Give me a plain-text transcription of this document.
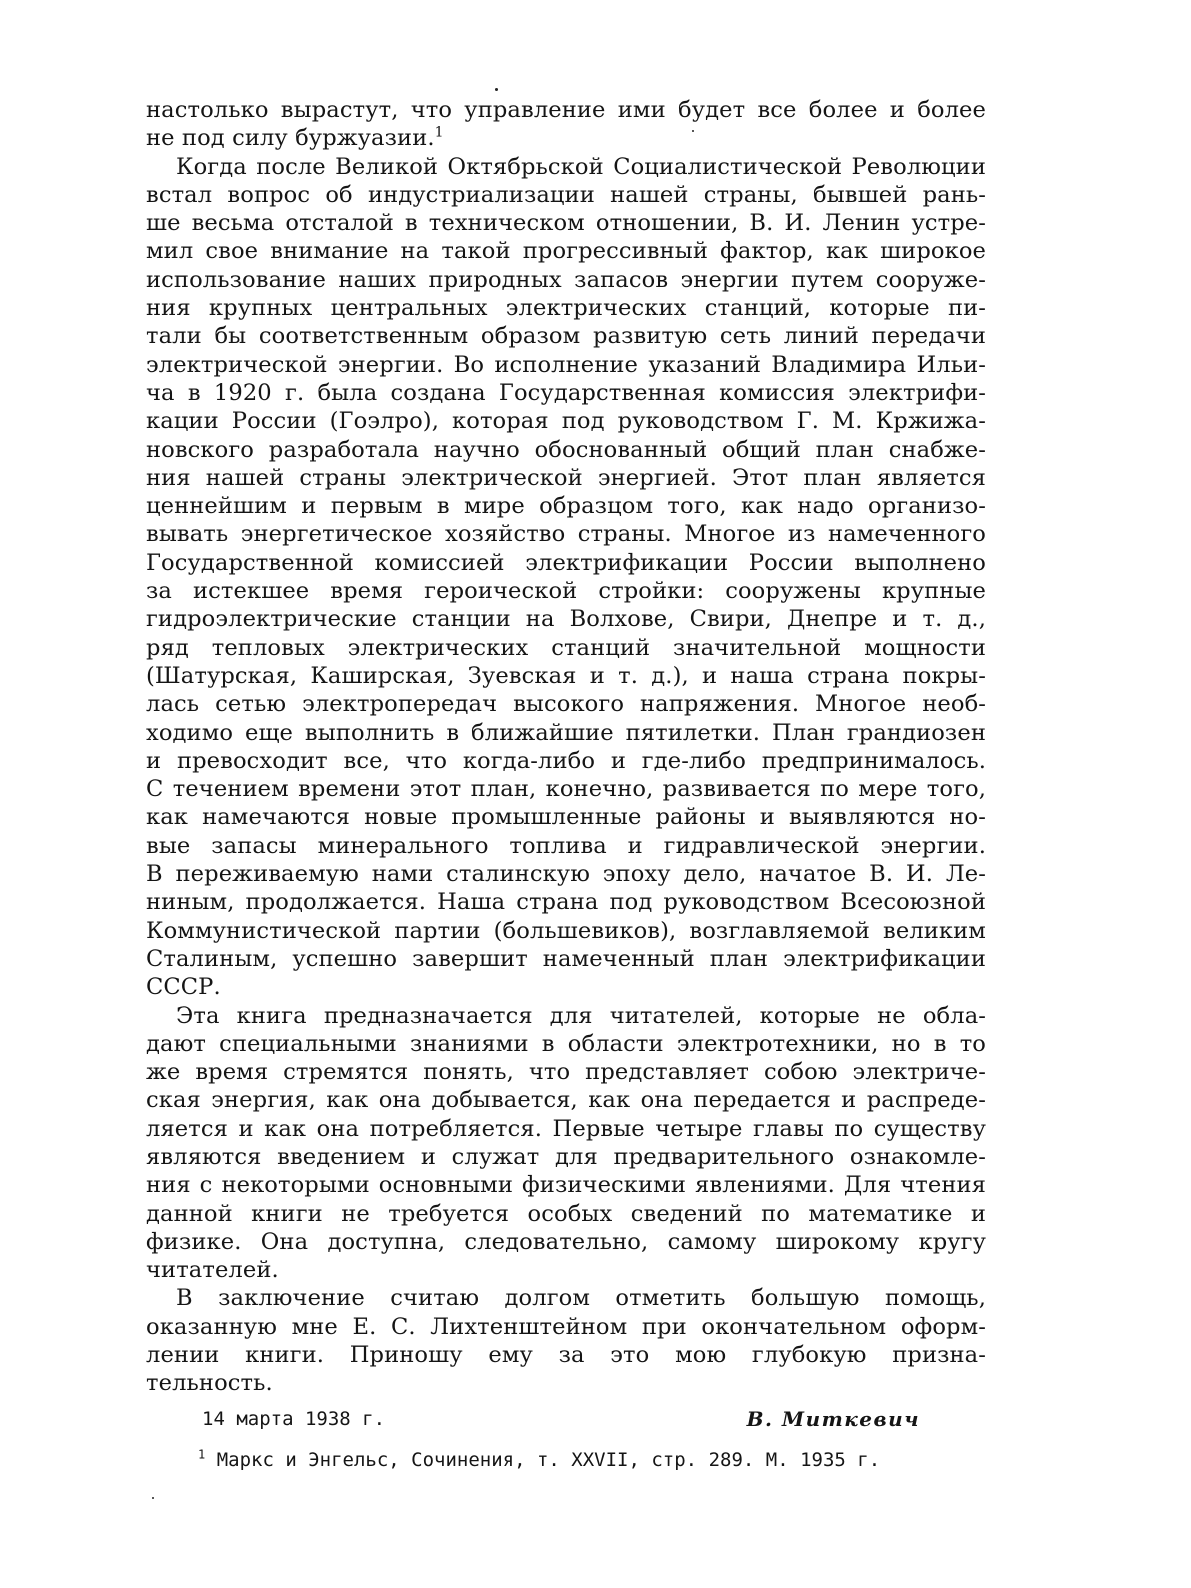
настолько вырастут, что управление ими будет все более и более
не под силу буржуазии.$^1$
Когда после Великой Октябрьской Социалистической Революции
встал вопрос об индустриализации нашей страны, бывшей рань-
ше весьма отсталой в техническом отношении, В. И. Ленин устре-
мил свое внимание на такой прогрессивный фактор, как широкое
использование наших природных запасов энергии путем сооруже-
ния крупных центральных электрических станций, которые пи-
тали бы соответственным образом развитую сеть линий передачи
электрической энергии. Во исполнение указаний Владимира Ильи-
ча в 1920 г. была создана Государственная комиссия электрифи-
кации России (Гоэлро), которая под руководством Г. М. Кржижа-
новского разработала научно обоснованный общий план снабже-
ния нашей страны электрической энергией. Этот план является
ценнейшим и первым в мире образцом того, как надо организо-
вывать энергетическое хозяйство страны. Многое из намеченного
Государственной комиссией электрификации России выполнено
за истекшее время героической стройки: сооружены крупные
гидроэлектрические станции на Волхове, Свири, Днепре и т. д.,
ряд тепловых электрических станций значительной мощности
(Шатурская, Каширская, Зуевская и т. д.), и наша страна покры-
лась сетью электропередач высокого напряжения. Многое необ-
ходимо еще выполнить в ближайшие пятилетки. План грандиозен
и превосходит все, что когда-либо и где-либо предпринималось.
С течением времени этот план, конечно, развивается по мере того,
как намечаются новые промышленные районы и выявляются но-
вые запасы минерального топлива и гидравлической энергии.
В переживаемую нами сталинскую эпоху дело, начатое В. И. Ле-
ниным, продолжается. Наша страна под руководством Всесоюзной
Коммунистической партии (большевиков), возглавляемой великим
Сталиным, успешно завершит намеченный план электрификации
СССР.
Эта книга предназначается для читателей, которые не обла-
дают специальными знаниями в области электротехники, но в то
же время стремятся понять, что представляет собою электриче-
ская энергия, как она добывается, как она передается и распреде-
ляется и как она потребляется. Первые четыре главы по существу
являются введением и служат для предварительного ознакомле-
ния с некоторыми основными физическими явлениями. Для чтения
данной книги не требуется особых сведений по математике и
физике. Она доступна, следовательно, самому широкому кругу
читателей.
В заключение считаю долгом отметить большую помощь,
оказанную мне Е. С. Лихтенштейном при окончательном оформ-
лении книги. Приношу ему за это мою глубокую призна-
тельность.
14 марта 1938 г.	В. Миткевич
$^1$ Маркс и Энгельс, Сочинения, т. XXVII, стр. 289. М. 1935 г.
